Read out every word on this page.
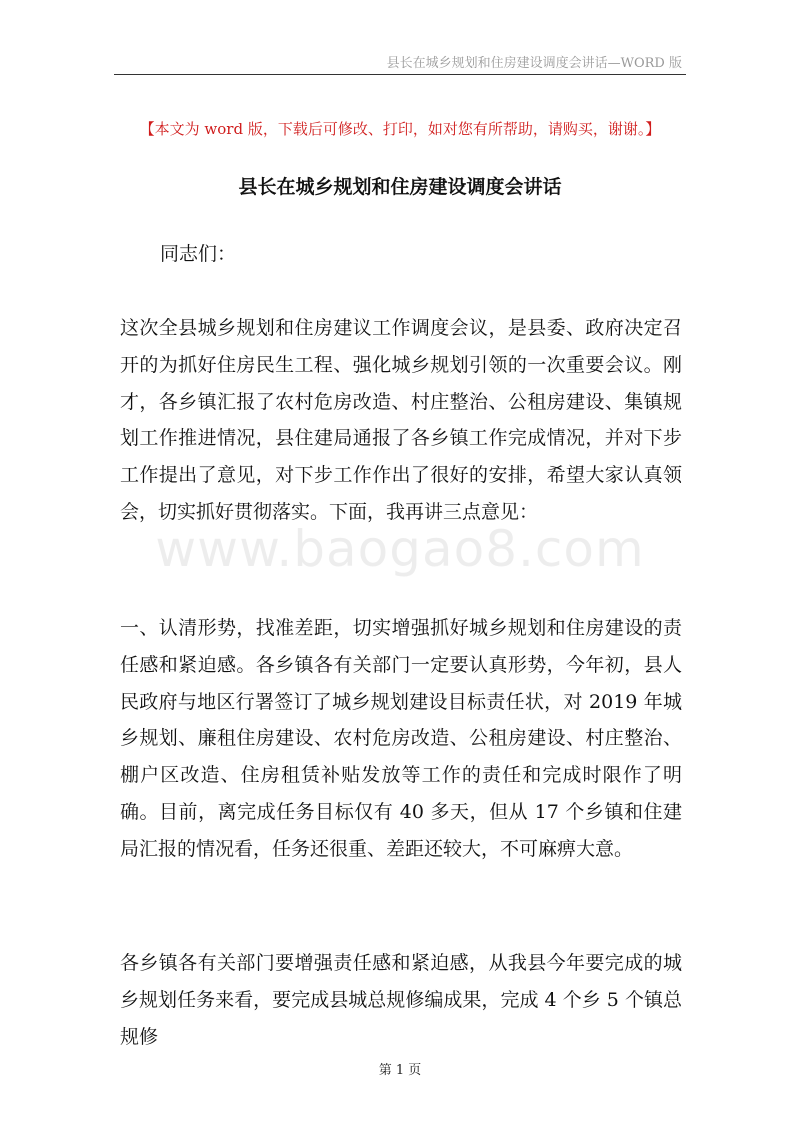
县长在城乡规划和住房建设调度会讲话—WORD 版
【本文为 word 版，下载后可修改、打印，如对您有所帮助，请购买，谢谢。】
县长在城乡规划和住房建设调度会讲话
同志们：

这次全县城乡规划和住房建议工作调度会议，是县委、政府决定召开的为抓好住房民生工程、强化城乡规划引领的一次重要会议。刚才，各乡镇汇报了农村危房改造、村庄整治、公租房建设、集镇规划工作推进情况，县住建局通报了各乡镇工作完成情况，并对下步工作提出了意见，对下步工作作出了很好的安排，希望大家认真领会，切实抓好贯彻落实。下面，我再讲三点意见：

一、认清形势，找准差距，切实增强抓好城乡规划和住房建设的责任感和紧迫感。各乡镇各有关部门一定要认真形势，今年初，县人民政府与地区行署签订了城乡规划建设目标责任状，对 2019 年城乡规划、廉租住房建设、农村危房改造、公租房建设、村庄整治、棚户区改造、住房租赁补贴发放等工作的责任和完成时限作了明确。目前，离完成任务目标仅有 40 多天，但从 17 个乡镇和住建局汇报的情况看，任务还很重、差距还较大，不可麻痹大意。

各乡镇各有关部门要增强责任感和紧迫感，从我县今年要完成的城乡规划任务来看，要完成县城总规修编成果，完成 4 个乡 5 个镇总规修

www.baogao8.com
第 1 页
